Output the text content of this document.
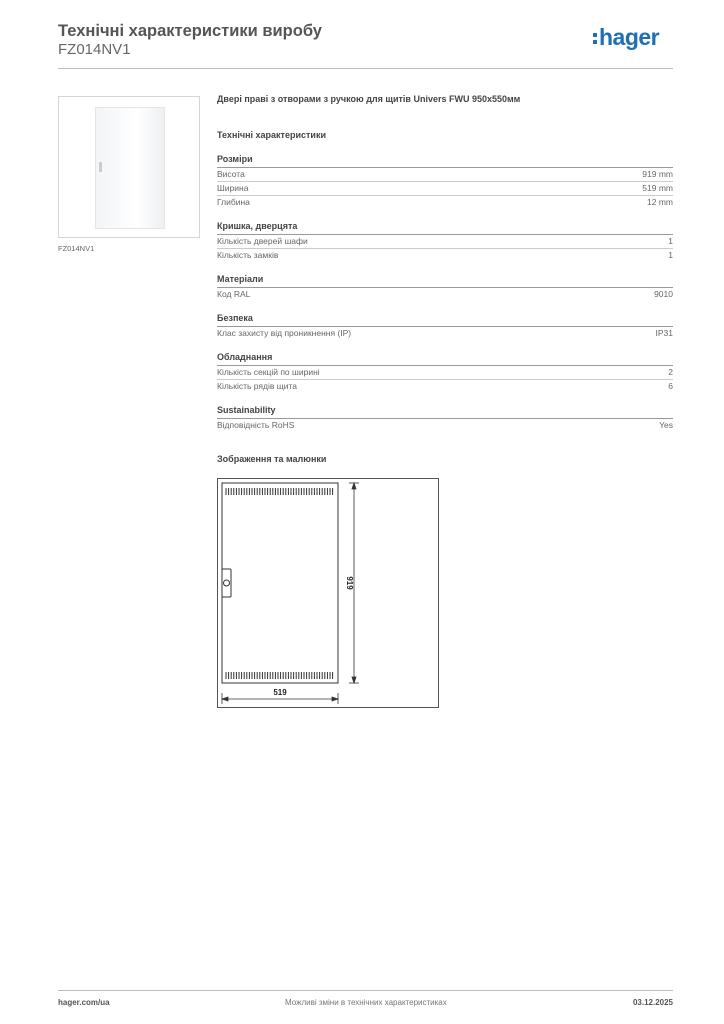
Технічні характеристики виробу
FZ014NV1	hager
FZ014NV1
Двері праві з отворами з ручкою для щитів Univers FWU 950x550мм
Технічні характеристики
Розміри
Висота	919 mm
Ширина	519 mm
Глибина	12 mm
Кришка, дверцята
Кількість дверей шафи	1
Кількість замків	1
Матеріали
Код RAL	9010
Безпека
Клас захисту від проникнення (IP)	IP31
Обладнання
Кількість секцій по ширині	2
Кількість рядів щита	6
Sustainability
Відповідність RoHS	Yes
Зображення та малюнки
919
519
hager.com/ua	Можливі зміни в технічних характеристиках	03.12.2025
